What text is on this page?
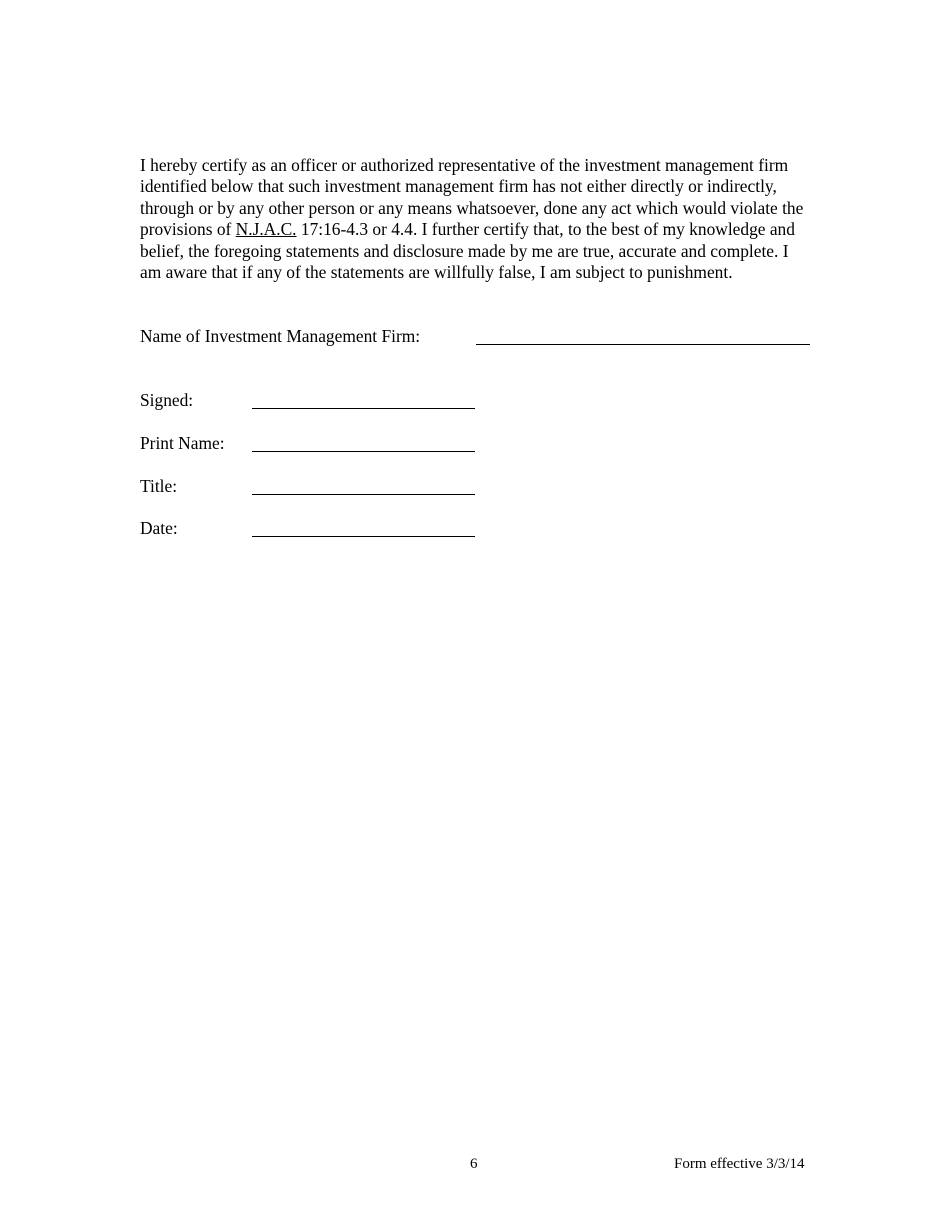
I hereby certify as an officer or authorized representative of the investment management firm identified below that such investment management firm has not either directly or indirectly, through or by any other person or any means whatsoever, done any act which would violate the provisions of N.J.A.C. 17:16-4.3 or 4.4. I further certify that, to the best of my knowledge and belief, the foregoing statements and disclosure made by me are true, accurate and complete. I am aware that if any of the statements are willfully false, I am subject to punishment.

Name of Investment Management Firm:
Signed:
Print Name:
Title:
Date:
6	Form effective 3/3/14
